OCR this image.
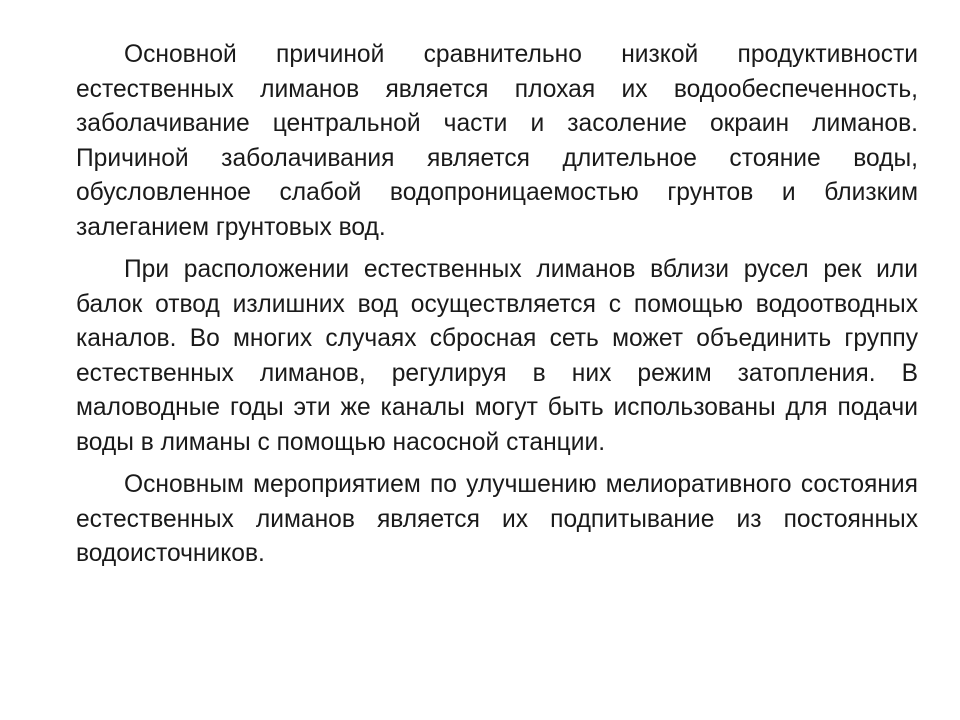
Основной причиной сравнительно низкой продуктивности естественных лиманов является плохая их водообеспеченность, заболачивание центральной части и засоление окраин лиманов. Причиной заболачивания является длительное стояние воды, обусловленное слабой водопроницаемостью грунтов и близким залеганием грунтовых вод.

При расположении естественных лиманов вблизи русел рек или балок отвод излишних вод осуществляется с помощью водоотводных каналов. Во многих случаях сбросная сеть может объединить группу естественных лиманов, регулируя в них режим затопления. В маловодные годы эти же каналы могут быть использованы для подачи воды в лиманы с помощью насосной станции.

Основным мероприятием по улучшению мелиоративного состояния естественных лиманов является их подпитывание из постоянных водоисточников.
